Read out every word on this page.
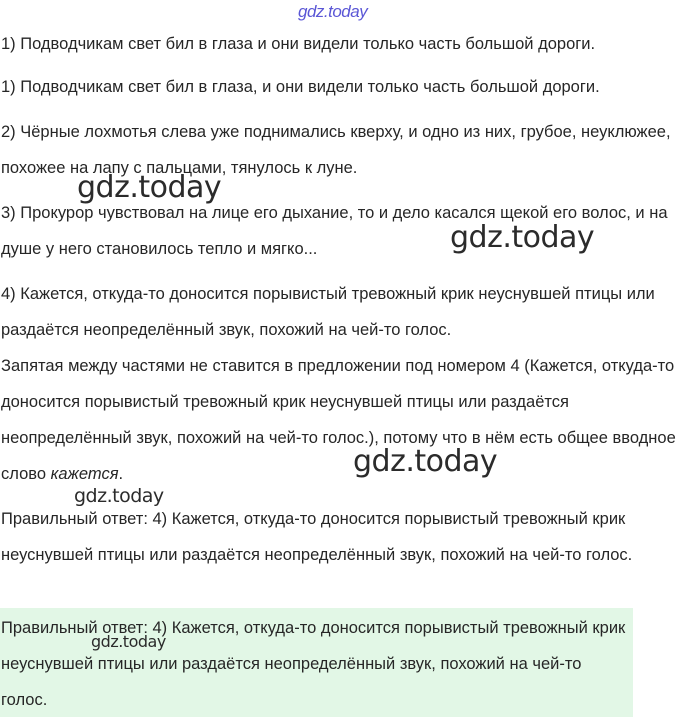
gdz.today

1) Подводчикам свет бил в глаза и они видели только часть большой дороги.

1) Подводчикам свет бил в глаза, и они видели только часть большой дороги.

2) Чёрные лохмотья слева уже поднимались кверху, и одно из них, грубое, неуклюжее, похожее на лапу с пальцами, тянулось к луне.

3) Прокурор чувствовал на лице его дыхание, то и дело касался щекой его волос, и на душе у него становилось тепло и мягко...

4) Кажется, откуда-то доносится порывистый тревожный крик неуснувшей птицы или раздаётся неопределённый звук, похожий на чей-то голос.

Запятая между частями не ставится в предложении под номером 4 (Кажется, откуда-то доносится порывистый тревожный крик неуснувшей птицы или раздаётся неопределённый звук, похожий на чей-то голос.), потому что в нём есть общее вводное слово кажется.

Правильный ответ: 4) Кажется, откуда-то доносится порывистый тревожный крик неуснувшей птицы или раздаётся неопределённый звук, похожий на чей-то голос.

Правильный ответ: 4) Кажется, откуда-то доносится порывистый тревожный крик неуснувшей птицы или раздаётся неопределённый звук, похожий на чей-то голос.

gdz.today
gdz.today
gdz.today
gdz.today
gdz.today
